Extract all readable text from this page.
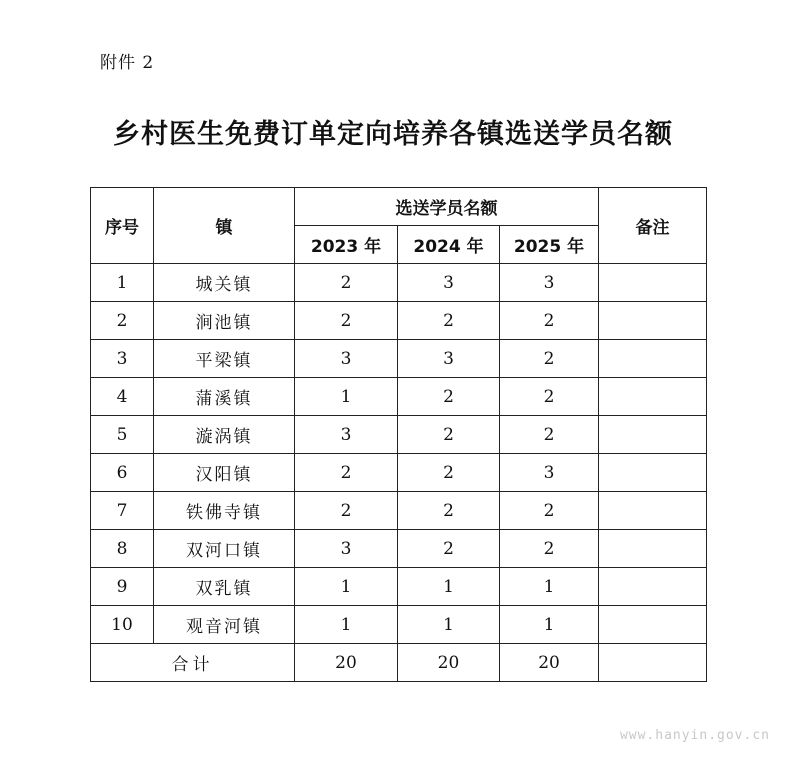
附件 2
乡村医生免费订单定向培养各镇选送学员名额
序号	镇	选送学员名额			备注
		2023 年	2024 年	2025 年	
1	城关镇	2	3	3	
2	涧池镇	2	2	2	
3	平梁镇	3	3	2	
4	蒲溪镇	1	2	2	
5	漩涡镇	3	2	2	
6	汉阳镇	2	2	3	
7	铁佛寺镇	2	2	2	
8	双河口镇	3	2	2	
9	双乳镇	1	1	1	
10	观音河镇	1	1	1	
合计		20	20	20	
www.hanyin.gov.cn
